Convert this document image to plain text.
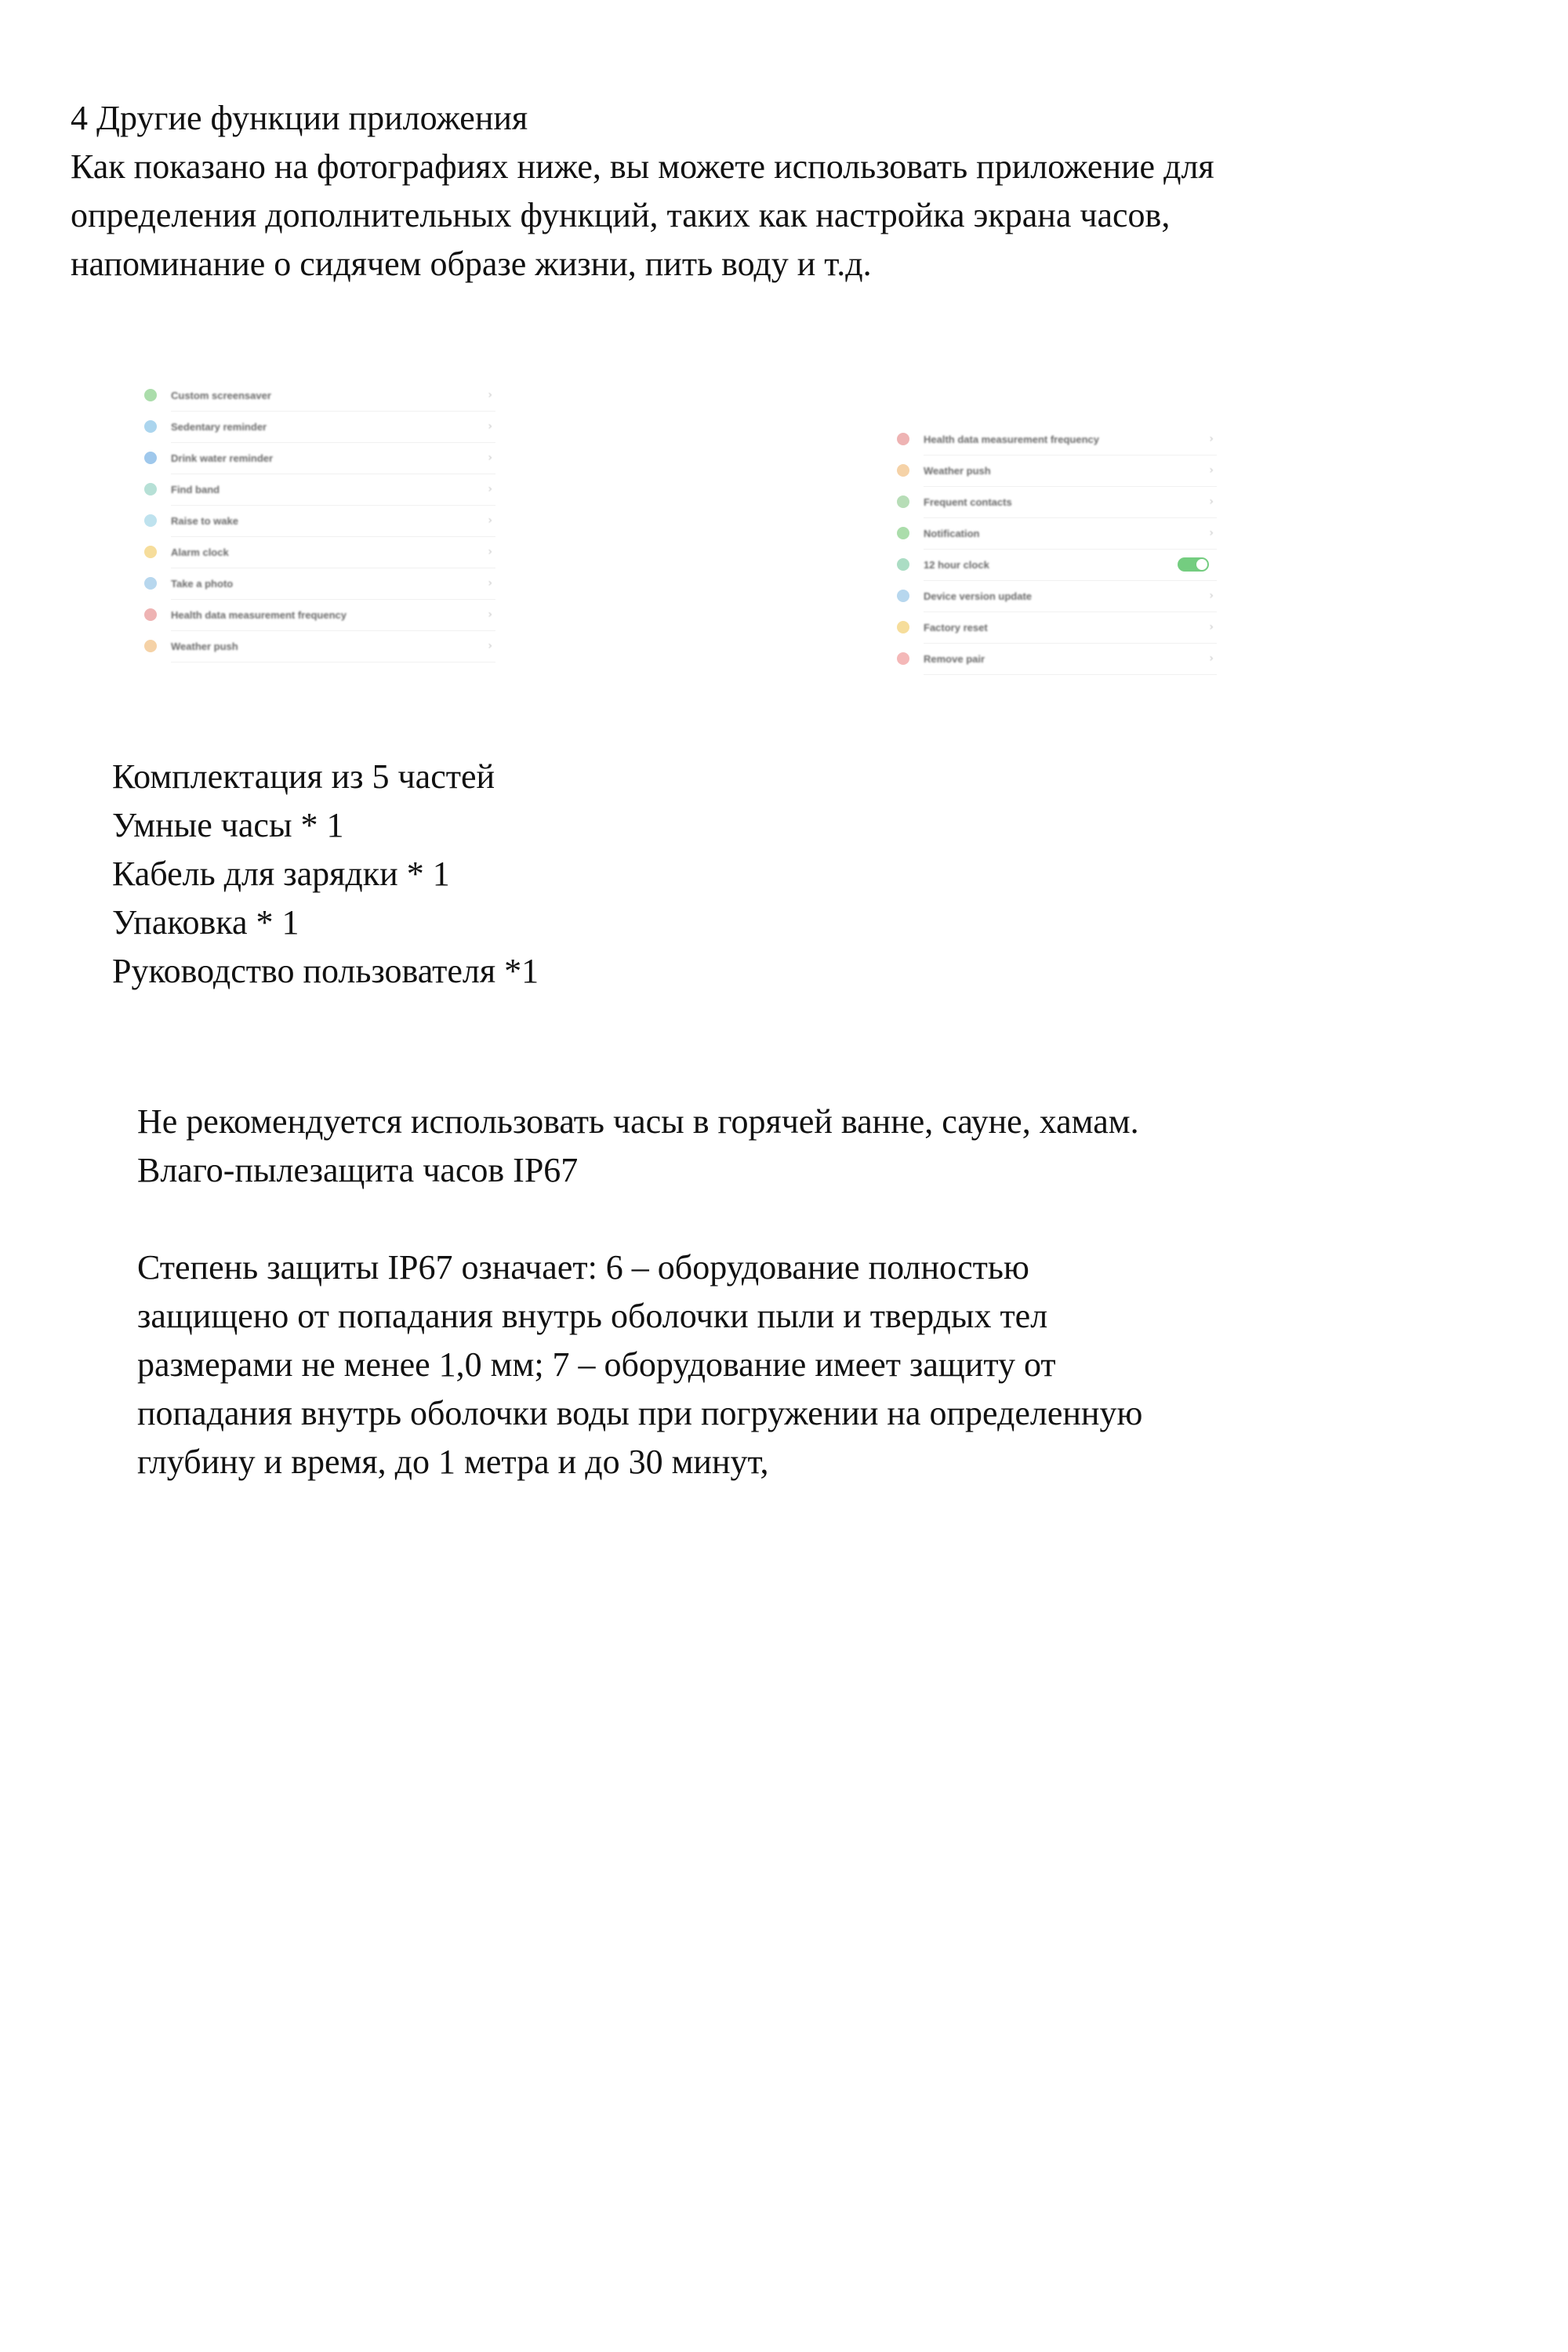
4 Другие функции приложения

Как показано на фотографиях ниже, вы можете использовать приложение для

определения дополнительных функций, таких как настройка экрана часов,

напоминание о сидячем образе жизни, пить воду и т.д.

Custom screensaver	›
Sedentary reminder	›
Drink water reminder	›
Find band	›
Raise to wake	›
Alarm clock	›
Take a photo	›
Health data measurement frequency	›
Weather push	›
Health data measurement frequency	›
Weather push	›
Frequent contacts	›
Notification	›
12 hour clock
Device version update	›
Factory reset	›
Remove pair	›

Комплектация из 5 частей

Умные часы * 1

Кабель для зарядки * 1

Упаковка * 1

Руководство пользователя *1

Не рекомендуется использовать часы в горячей ванне, сауне, хамам.

Влаго-пылезащита часов IP67

Степень защиты IP67 означает: 6 – оборудование полностью

защищено от попадания внутрь оболочки пыли и твердых тел

размерами не менее 1,0 мм; 7 – оборудование имеет защиту от

попадания внутрь оболочки воды при погружении на определенную

глубину и время, до 1 метра и до 30 минут,
